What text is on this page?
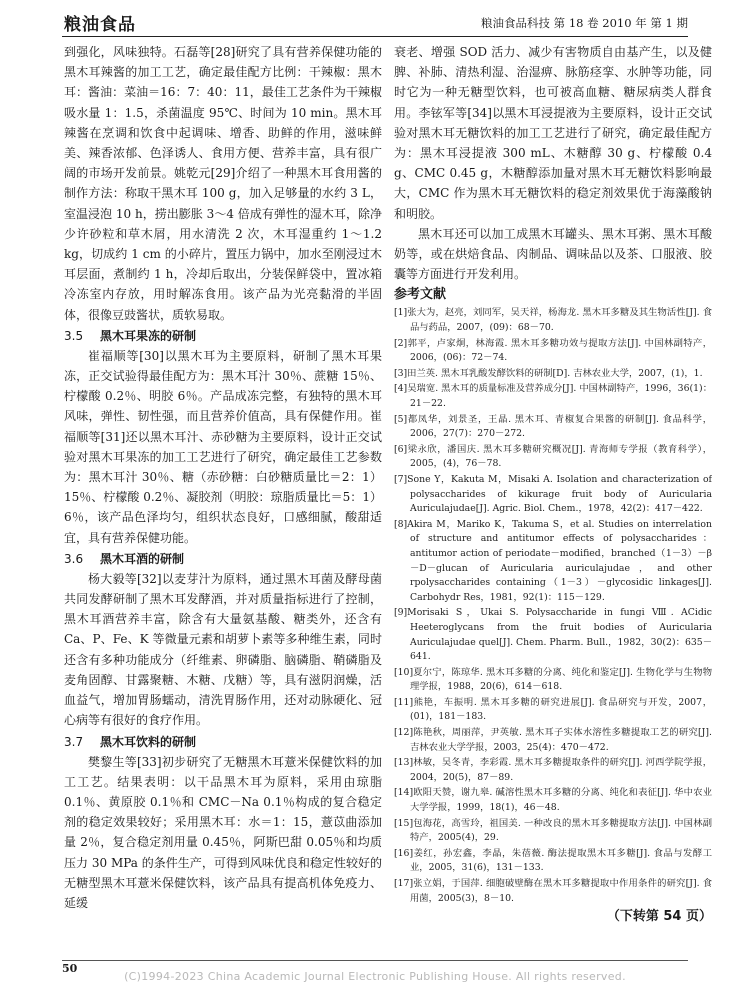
粮油食品	粮油食品科技 第 18 卷 2010 年 第 1 期

到强化，风味独特。石磊等[28]研究了具有营养保健功能的黑木耳辣酱的加工工艺，确定最佳配方比例：干辣椒：黑木耳：酱油：菜油＝16：7：40：11，最佳工艺条件为干辣椒吸水量 1：1.5，杀菌温度 95℃、时间为 10 min。黑木耳辣酱在烹调和饮食中起调味、增香、助鲜的作用，滋味鲜美、辣香浓郁、色泽诱人、食用方便、营养丰富，具有很广阔的市场开发前景。姚乾元[29]介绍了一种黑木耳食用酱的制作方法：称取干黑木耳 100 g，加入足够量的水约 3 L，室温浸泡 10 h，捞出膨胀 3～4 倍成有弹性的湿木耳，除净少许砂粒和草木屑，用水清洗 2 次，木耳湿重约 1～1.2 kg，切成约 1 cm 的小碎片，置压力锅中，加水至刚浸过木耳层面，煮制约 1 h，冷却后取出，分装保鲜袋中，置冰箱冷冻室内存放，用时解冻食用。该产品为光亮黏滑的半固体，很像豆豉酱状，质软易取。

3.5 黑木耳果冻的研制

崔福顺等[30]以黑木耳为主要原料，研制了黑木耳果冻，正交试验得最佳配方为：黑木耳汁 30％、蔗糖 15％、柠檬酸 0.2％、明胶 6％。产品成冻完整，有独特的黑木耳风味，弹性、韧性强，而且营养价值高，具有保健作用。崔福顺等[31]还以黑木耳汁、赤砂糖为主要原料，设计正交试验对黑木耳果冻的加工工艺进行了研究，确定最佳工艺参数为：黑木耳汁 30％、糖（赤砂糖：白砂糖质量比＝2：1）15％、柠檬酸 0.2％、凝胶剂（明胶：琼脂质量比＝5：1）6％，该产品色泽均匀，组织状态良好，口感细腻，酸甜适宜，具有营养保健功能。

3.6 黑木耳酒的研制

杨大毅等[32]以麦芽汁为原料，通过黑木耳菌及酵母菌共同发酵研制了黑木耳发酵酒，并对质量指标进行了控制，黑木耳酒营养丰富，除含有大量氨基酸、糖类外，还含有 Ca、P、Fe、K 等微量元素和胡萝卜素等多种维生素，同时还含有多种功能成分（纤维素、卵磷脂、脑磷脂、鞘磷脂及麦角固醇、甘露聚糖、木糖、戊糖）等，具有滋阴润燥，活血益气，增加胃肠蠕动，清洗胃肠作用，还对动脉硬化、冠心病等有很好的食疗作用。

3.7 黑木耳饮料的研制

樊黎生等[33]初步研究了无糖黑木耳薏米保健饮料的加工工艺。结果表明：以干品黑木耳为原料，采用由琼脂 0.1％、黄原胶 0.1％和 CMC－Na 0.1％构成的复合稳定剂的稳定效果较好；采用黑木耳：水＝1：15，薏苡曲添加量 2％，复合稳定剂用量 0.45％，阿斯巴甜 0.05％和均质压力 30 MPa 的条件生产，可得到风味优良和稳定性较好的无糖型黑木耳薏米保健饮料，该产品具有提高机体免疫力、延缓

衰老、增强 SOD 活力、减少有害物质自由基产生，以及健脾、补肺、清热利湿、治湿痹、脉筋痉挛、水肿等功能，同时它为一种无糖型饮料，也可被高血糖、糖尿病类人群食用。李铉军等[34]以黑木耳浸提液为主要原料，设计正交试验对黑木耳无糖饮料的加工工艺进行了研究，确定最佳配方为：黑木耳浸提液 300 mL、木糖醇 30 g、柠檬酸 0.4 g、CMC 0.45 g，木糖醇添加量对黑木耳无糖饮料影响最大，CMC 作为黑木耳无糖饮料的稳定剂效果优于海藻酸钠和明胶。

黑木耳还可以加工成黑木耳罐头、黑木耳粥、黑木耳酸奶等，或在烘焙食品、肉制品、调味品以及茶、口服液、胶囊等方面进行开发利用。

参考文献
[1]张大为，赵亮，刘同军，吴天祥，杨海龙. 黑木耳多糖及其生物活性[J]. 食品与药品，2007，(09)：68－70.
[2]郭平，卢家炯，林海霞. 黑木耳多糖功效与提取方法[J]. 中国林副特产，2006，(06)：72－74.
[3]田兰英. 黑木耳乳酸发酵饮料的研制[D]. 吉林农业大学，2007，(1)，1.
[4]吴瑞宽. 黑木耳的质量标准及营养成分[J]. 中国林副特产，1996，36(1)：21－22.
[5]都凤华，刘景圣，王晶. 黑木耳、青椒复合果酱的研制[J]. 食品科学，2006，27(7)：270－272.
[6]梁永欣，潘国庆. 黑木耳多糖研究概况[J]. 青海师专学报（教育科学），2005，(4)，76－78.
[7]Sone Y，Kakuta M，Misaki A. Isolation and characterization of polysaccharides of kikurage fruit body of Auricularia Auriculajudae[J]. Agric. Biol. Chem.，1978，42(2)：417－422.
[8]Akira M，Mariko K，Takuma S，et al. Studies on interrelation of structure and antitumor effects of polysaccharides：antitumor action of periodate－modified，branched（1－3）－β－D－glucan of Auricularia auriculajudae，and other rpolysaccharides containing（1－3）－glycosidic linkages[J]. Carbohydr Res，1981，92(1)：115－129.
[9]Morisaki S，Ukai S. Polysaccharide in fungi Ⅷ. ACidic Heeteroglycans from the fruit bodies of Auricularia Auriculajudae quel[J]. Chem. Pharm. Bull.，1982，30(2)：635－641.
[10]夏尔宁，陈琼华. 黑木耳多糖的分离、纯化和鉴定[J]. 生物化学与生物物理学报，1988，20(6)，614－618.
[11]熊艳，车振明. 黑木耳多糖的研究进展[J]. 食品研究与开发，2007，(01)，181－183.
[12]陈艳秋，周丽萍，尹英敏. 黑木耳子实体水溶性多糖提取工艺的研究[J]. 吉林农业大学学报，2003，25(4)：470－472.
[13]林敏，吴冬青，李彩霞. 黑木耳多糖提取条件的研究[J]. 河西学院学报，2004，20(5)，87－89.
[14]欧阳天赞，谢九皋. 碱溶性黑木耳多糖的分离、纯化和表征[J]. 华中农业大学学报，1999，18(1)，46－48.
[15]包海花，高雪玲，祖国美. 一种改良的黑木耳多糖提取方法[J]. 中国林副特产，2005(4)，29.
[16]姜红，孙宏鑫，李晶，朱蓓薇. 酶法提取黑木耳多糖[J]. 食品与发酵工业，2005，31(6)，131－133.
[17]张立娟，于国萍. 细胞破壁酶在黑木耳多糖提取中作用条件的研究[J]. 食用菌，2005(3)，8－10.
（下转第 54 页）
50
(C)1994-2023 China Academic Journal Electronic Publishing House. All rights reserved.
